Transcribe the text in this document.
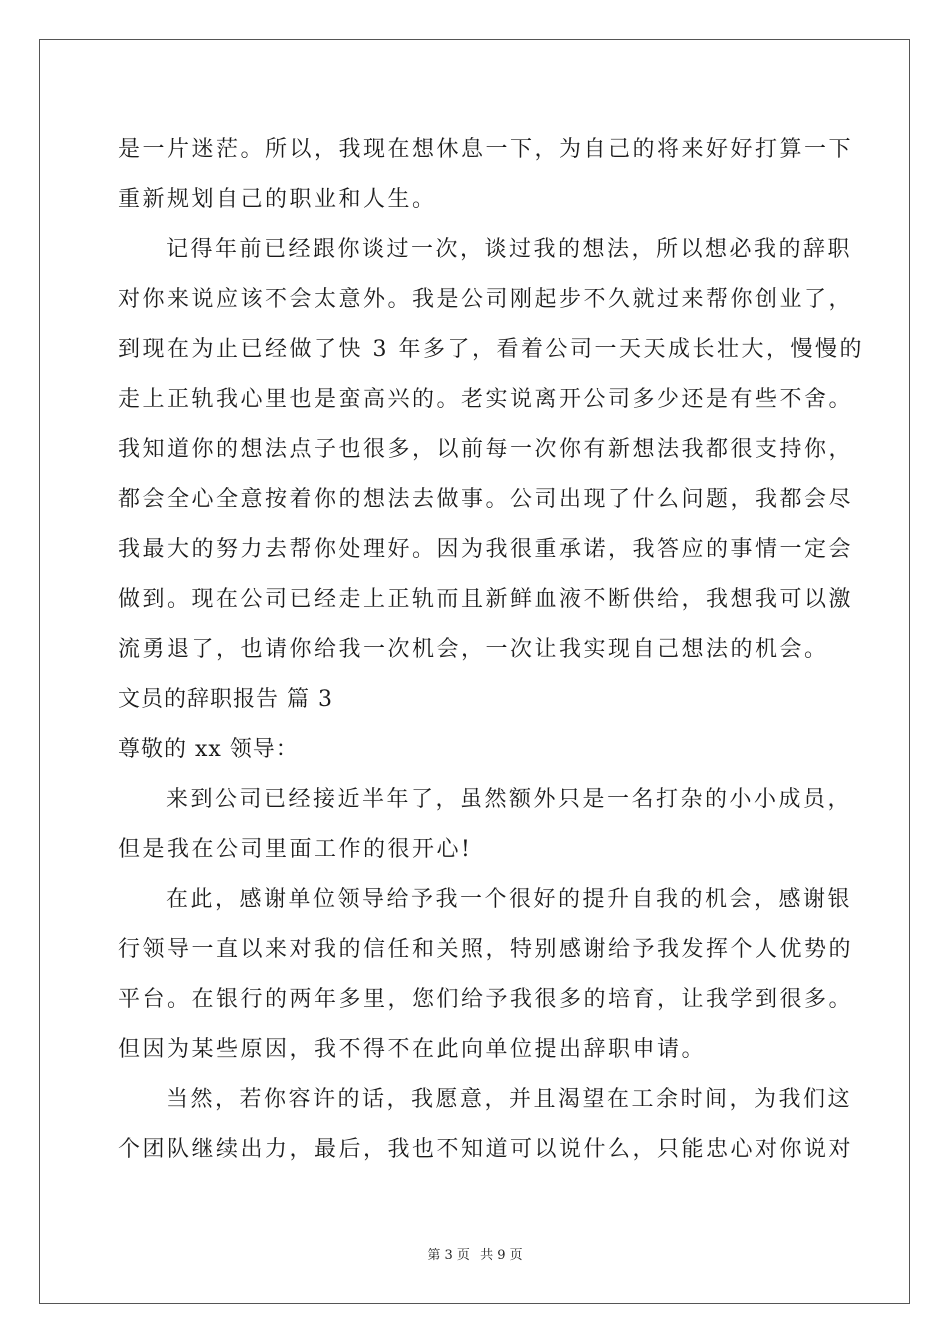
是一片迷茫。所以，我现在想休息一下，为自己的将来好好打算一下
重新规划自己的职业和人生。
记得年前已经跟你谈过一次，谈过我的想法，所以想必我的辞职
对你来说应该不会太意外。我是公司刚起步不久就过来帮你创业了，
到现在为止已经做了快 3 年多了，看着公司一天天成长壮大，慢慢的
走上正轨我心里也是蛮高兴的。老实说离开公司多少还是有些不舍。
我知道你的想法点子也很多，以前每一次你有新想法我都很支持你，
都会全心全意按着你的想法去做事。公司出现了什么问题，我都会尽
我最大的努力去帮你处理好。因为我很重承诺，我答应的事情一定会
做到。现在公司已经走上正轨而且新鲜血液不断供给，我想我可以激
流勇退了，也请你给我一次机会，一次让我实现自己想法的机会。
文员的辞职报告 篇 3
尊敬的 xx 领导：
来到公司已经接近半年了，虽然额外只是一名打杂的小小成员，
但是我在公司里面工作的很开心!
在此，感谢单位领导给予我一个很好的提升自我的机会，感谢银
行领导一直以来对我的信任和关照，特别感谢给予我发挥个人优势的
平台。在银行的两年多里，您们给予我很多的培育，让我学到很多。
但因为某些原因，我不得不在此向单位提出辞职申请。
当然，若你容许的话，我愿意，并且渴望在工余时间，为我们这
个团队继续出力，最后，我也不知道可以说什么，只能忠心对你说对
第 3 页 共 9 页
